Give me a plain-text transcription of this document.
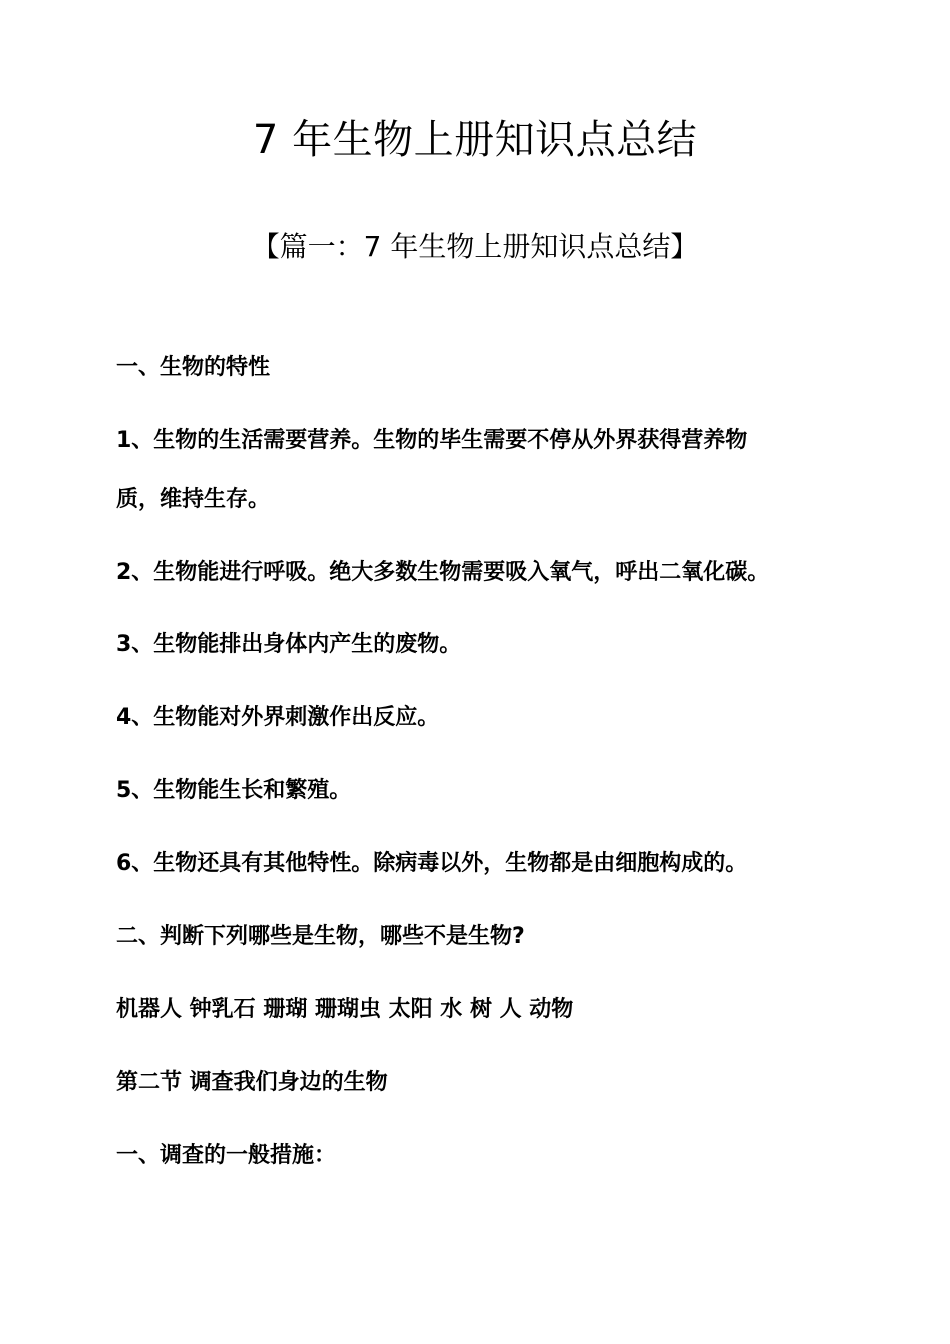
7 年生物上册知识点总结
【篇一：7 年生物上册知识点总结】
一、生物的特性
1、生物的生活需要营养。生物的毕生需要不停从外界获得营养物
质，维持生存。
2、生物能进行呼吸。绝大多数生物需要吸入氧气，呼出二氧化碳。
3、生物能排出身体内产生的废物。
4、生物能对外界刺激作出反应。
5、生物能生长和繁殖。
6、生物还具有其他特性。除病毒以外，生物都是由细胞构成的。
二、判断下列哪些是生物，哪些不是生物?
机器人 钟乳石 珊瑚 珊瑚虫 太阳 水 树 人 动物
第二节 调查我们身边的生物
一、调查的一般措施：
